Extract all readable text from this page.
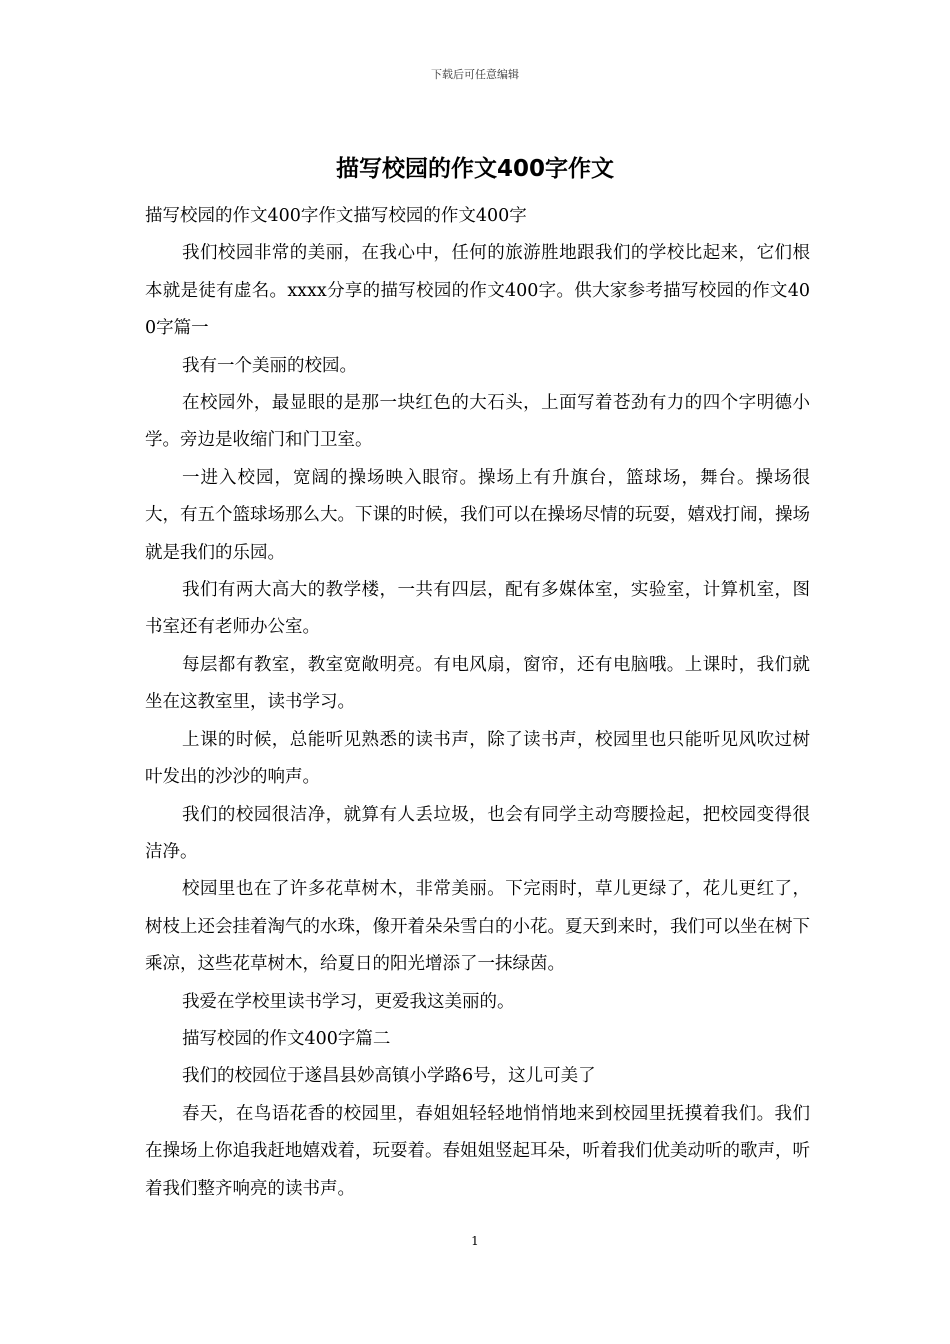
下载后可任意编辑
描写校园的作文400字作文

描写校园的作文400字作文描写校园的作文400字

我们校园非常的美丽，在我心中，任何的旅游胜地跟我们的学校比起来，它们根本就是徒有虚名。xxxx分享的描写校园的作文400字。供大家参考描写校园的作文400字篇一

我有一个美丽的校园。

在校园外，最显眼的是那一块红色的大石头，上面写着苍劲有力的四个字明德小学。旁边是收缩门和门卫室。

一进入校园，宽阔的操场映入眼帘。操场上有升旗台，篮球场，舞台。操场很大，有五个篮球场那么大。下课的时候，我们可以在操场尽情的玩耍，嬉戏打闹，操场就是我们的乐园。

我们有两大高大的教学楼，一共有四层，配有多媒体室，实验室，计算机室，图书室还有老师办公室。

每层都有教室，教室宽敞明亮。有电风扇，窗帘，还有电脑哦。上课时，我们就坐在这教室里，读书学习。

上课的时候，总能听见熟悉的读书声，除了读书声，校园里也只能听见风吹过树叶发出的沙沙的响声。

我们的校园很洁净，就算有人丢垃圾，也会有同学主动弯腰捡起，把校园变得很洁净。

校园里也在了许多花草树木，非常美丽。下完雨时，草儿更绿了，花儿更红了，树枝上还会挂着淘气的水珠，像开着朵朵雪白的小花。夏天到来时，我们可以坐在树下乘凉，这些花草树木，给夏日的阳光增添了一抹绿茵。

我爱在学校里读书学习，更爱我这美丽的。

描写校园的作文400字篇二

我们的校园位于遂昌县妙高镇小学路6号，这儿可美了

春天，在鸟语花香的校园里，春姐姐轻轻地悄悄地来到校园里抚摸着我们。我们在操场上你追我赶地嬉戏着，玩耍着。春姐姐竖起耳朵，听着我们优美动听的歌声，听着我们整齐响亮的读书声。

1
